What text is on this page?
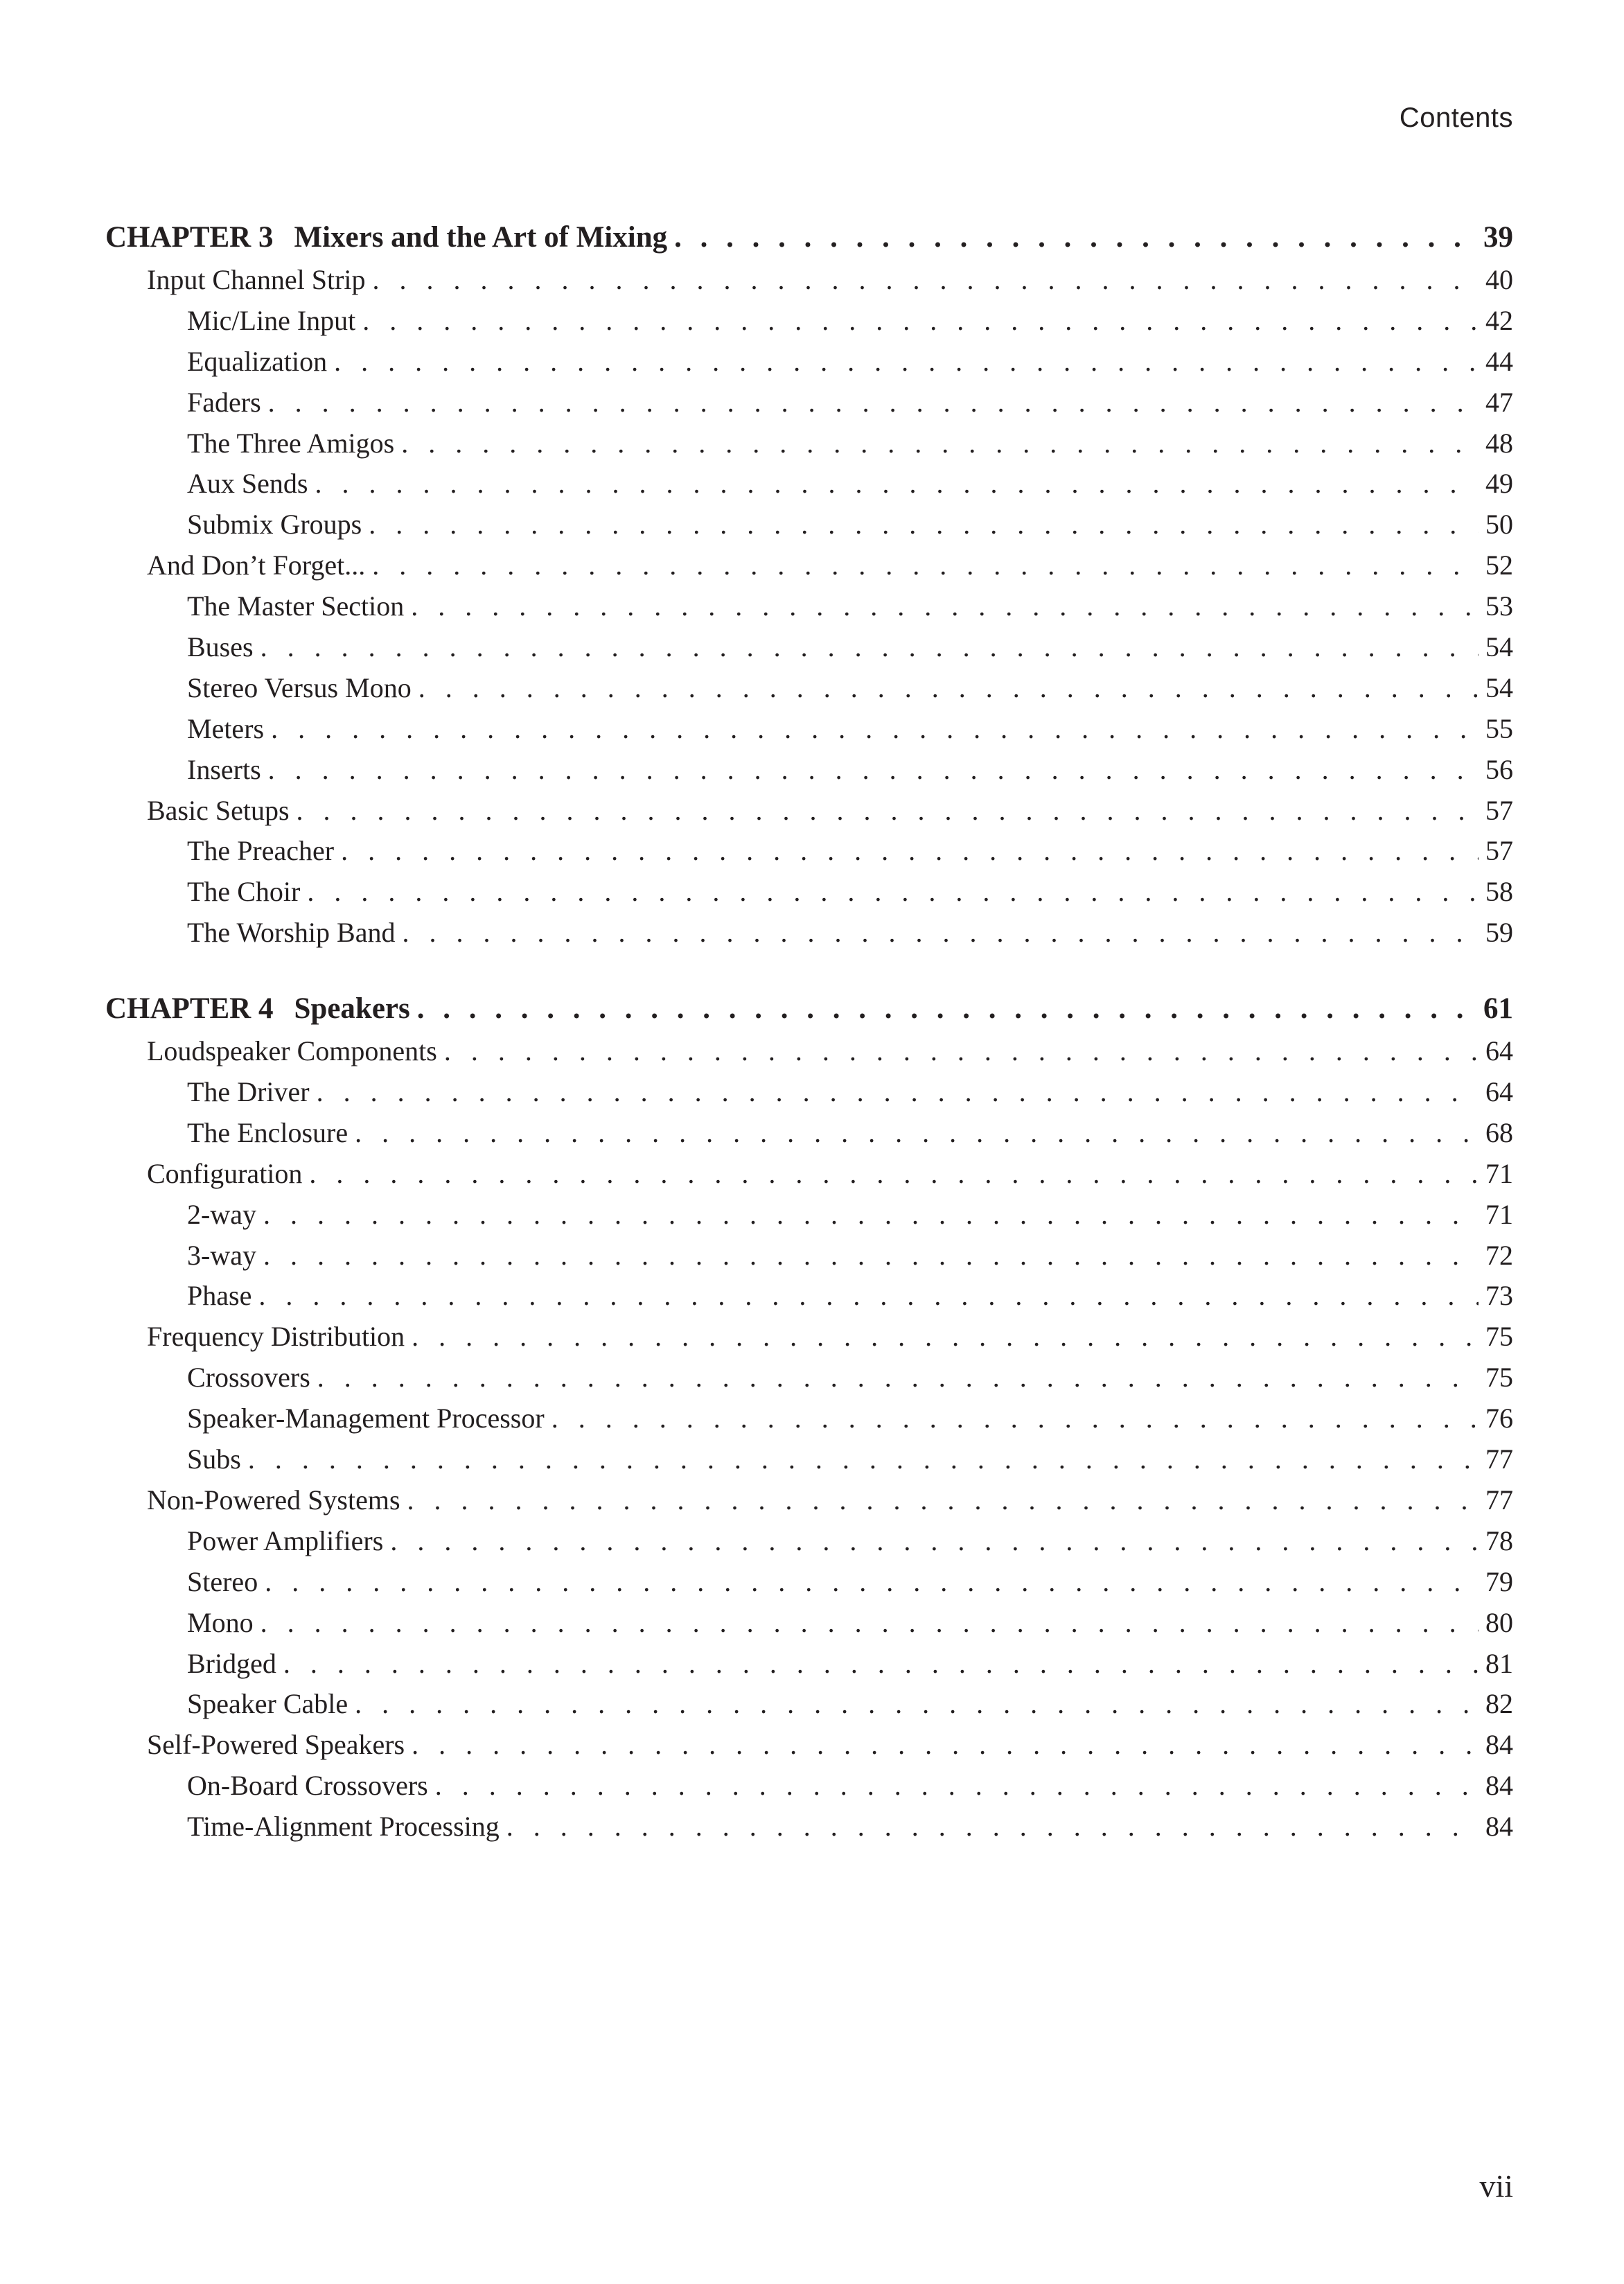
Contents
CHAPTER 3 Mixers and the Art of Mixing . . .	39
Input Channel Strip . . .	40
Mic/Line Input . . .	42
Equalization . . .	44
Faders . . .	47
The Three Amigos . . .	48
Aux Sends . . .	49
Submix Groups . . .	50
And Don’t Forget... . . .	52
The Master Section . . .	53
Buses . . .	54
Stereo Versus Mono . . .	54
Meters . . .	55
Inserts . . .	56
Basic Setups . . .	57
The Preacher . . .	57
The Choir . . .	58
The Worship Band . . .	59
CHAPTER 4 Speakers . . .	61
Loudspeaker Components . . .	64
The Driver . . .	64
The Enclosure . . .	68
Configuration . . .	71
2-way . . .	71
3-way . . .	72
Phase . . .	73
Frequency Distribution . . .	75
Crossovers . . .	75
Speaker-Management Processor . . .	76
Subs . . .	77
Non-Powered Systems . . .	77
Power Amplifiers . . .	78
Stereo . . .	79
Mono . . .	80
Bridged . . .	81
Speaker Cable . . .	82
Self-Powered Speakers . . .	84
On-Board Crossovers . . .	84
Time-Alignment Processing . . .	84
vii
